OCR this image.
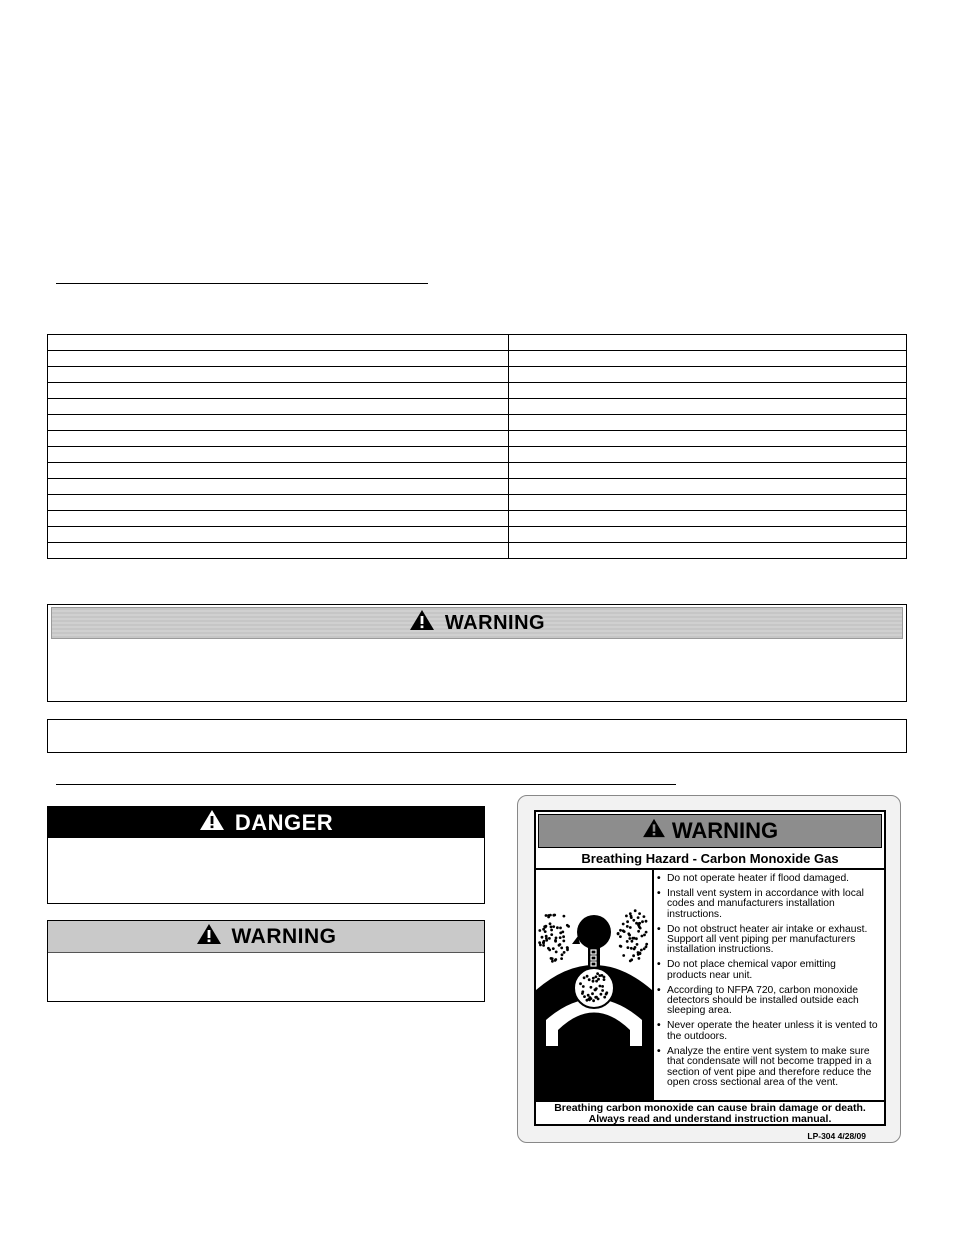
WARNING
DANGER
WARNING
WARNING
Breathing Hazard - Carbon Monoxide Gas
• Do not operate heater if flood damaged.
• Install vent system in accordance with local codes and manufacturers installation instructions.
• Do not obstruct heater air intake or exhaust. Support all vent piping per manufacturers installation instructions.
• Do not place chemical vapor emitting products near unit.
• According to NFPA 720, carbon monoxide detectors should be installed outside each sleeping area.
• Never operate the heater unless it is vented to the outdoors.
• Analyze the entire vent system to make sure that condensate will not become trapped in a section of vent pipe and therefore reduce the open cross sectional area of the vent.
Breathing carbon monoxide can cause brain damage or death.
Always read and understand instruction manual.
LP-304 4/28/09
